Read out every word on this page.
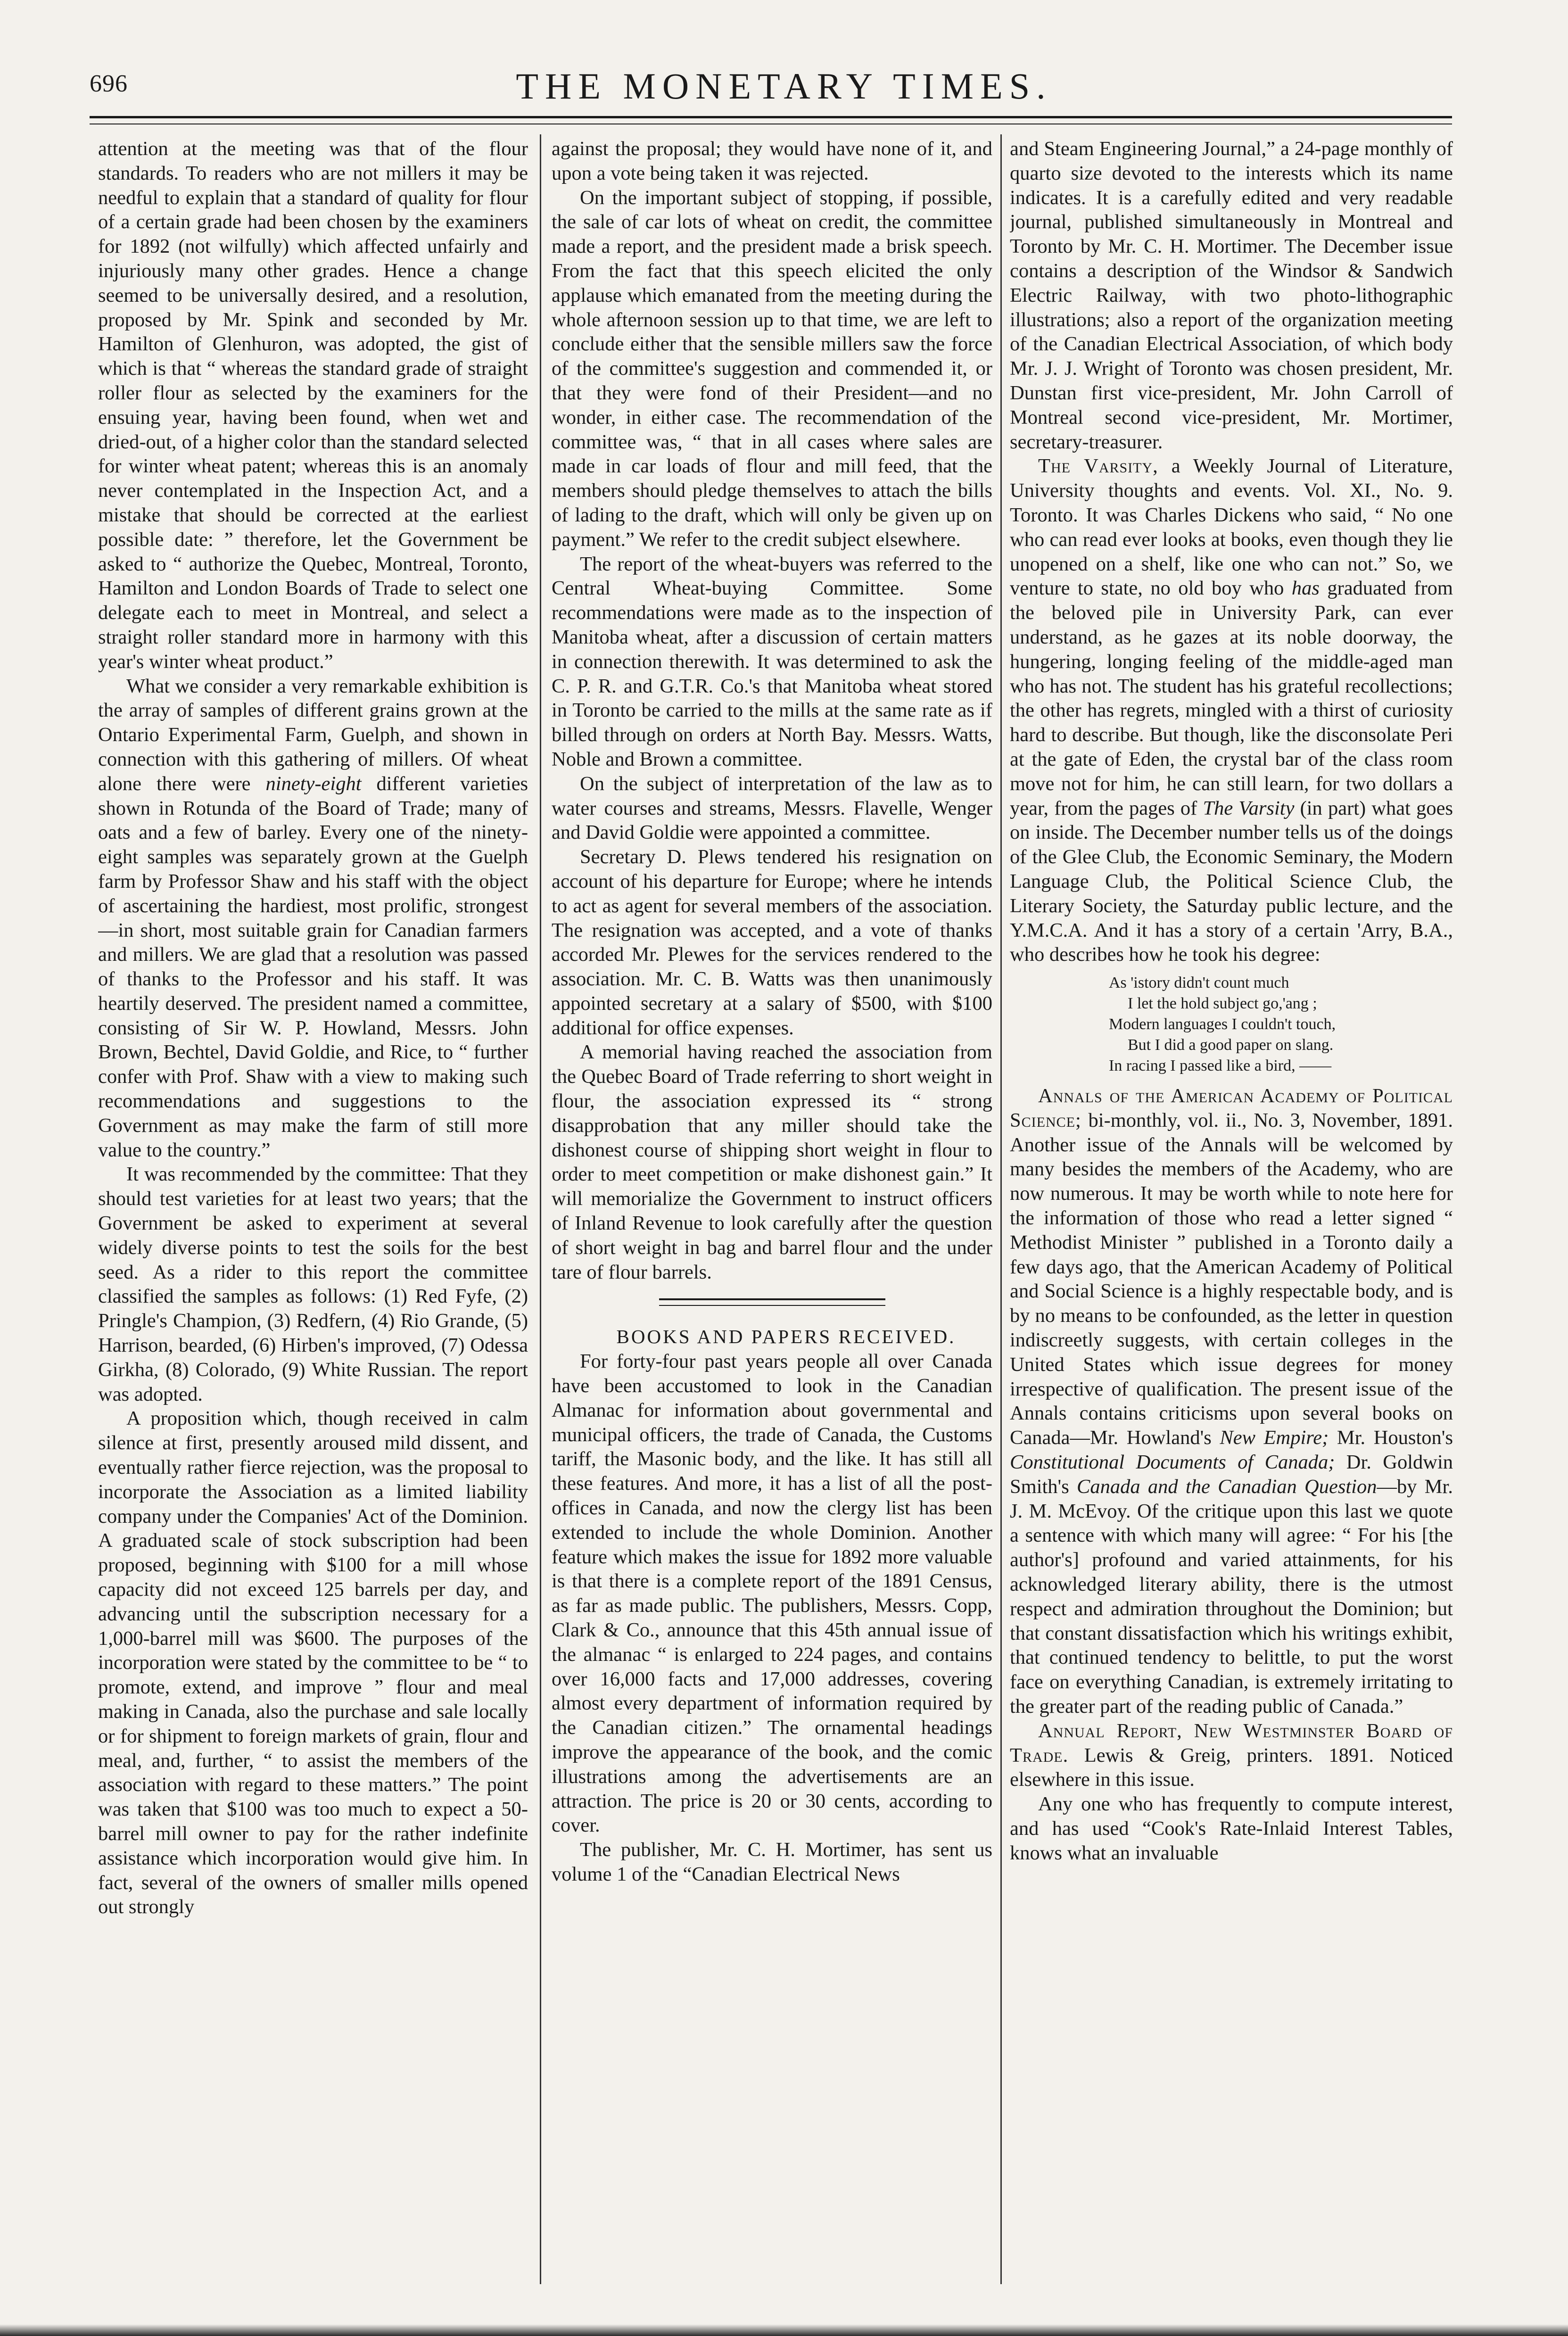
696	THE MONETARY TIMES.

attention at the meeting was that of the flour standards. To readers who are not millers it may be needful to explain that a standard of quality for flour of a certain grade had been chosen by the examiners for 1892 (not wilfully) which affected unfairly and injuriously many other grades. Hence a change seemed to be universally desired, and a resolution, proposed by Mr. Spink and seconded by Mr. Hamilton of Glenhuron, was adopted, the gist of which is that “ whereas the standard grade of straight roller flour as selected by the examiners for the ensuing year, having been found, when wet and dried-out, of a higher color than the standard selected for winter wheat patent; whereas this is an anomaly never contemplated in the Inspection Act, and a mistake that should be corrected at the earliest possible date: ” therefore, let the Government be asked to “ authorize the Quebec, Montreal, Toronto, Hamilton and London Boards of Trade to select one delegate each to meet in Montreal, and select a straight roller standard more in harmony with this year's winter wheat product.”

What we consider a very remarkable exhibition is the array of samples of different grains grown at the Ontario Experimental Farm, Guelph, and shown in connection with this gathering of millers. Of wheat alone there were ninety-eight different varieties shown in Rotunda of the Board of Trade; many of oats and a few of barley. Every one of the ninety-eight samples was separately grown at the Guelph farm by Professor Shaw and his staff with the object of ascertaining the hardiest, most prolific, strongest—in short, most suitable grain for Canadian farmers and millers. We are glad that a resolution was passed of thanks to the Professor and his staff. It was heartily deserved. The president named a committee, consisting of Sir W. P. Howland, Messrs. John Brown, Bechtel, David Goldie, and Rice, to “ further confer with Prof. Shaw with a view to making such recommendations and suggestions to the Government as may make the farm of still more value to the country.”

It was recommended by the committee: That they should test varieties for at least two years; that the Government be asked to experiment at several widely diverse points to test the soils for the best seed. As a rider to this report the committee classified the samples as follows: (1) Red Fyfe, (2) Pringle's Champion, (3) Redfern, (4) Rio Grande, (5) Harrison, bearded, (6) Hirben's improved, (7) Odessa Girkha, (8) Colorado, (9) White Russian. The report was adopted.

A proposition which, though received in calm silence at first, presently aroused mild dissent, and eventually rather fierce rejection, was the proposal to incorporate the Association as a limited liability company under the Companies' Act of the Dominion. A graduated scale of stock subscription had been proposed, beginning with $100 for a mill whose capacity did not exceed 125 barrels per day, and advancing until the subscription necessary for a 1,000-barrel mill was $600. The purposes of the incorporation were stated by the committee to be “ to promote, extend, and improve ” flour and meal making in Canada, also the purchase and sale locally or for shipment to foreign markets of grain, flour and meal, and, further, “ to assist the members of the association with regard to these matters.” The point was taken that $100 was too much to expect a 50-barrel mill owner to pay for the rather indefinite assistance which incorporation would give him. In fact, several of the owners of smaller mills opened out strongly

against the proposal; they would have none of it, and upon a vote being taken it was rejected.

On the important subject of stopping, if possible, the sale of car lots of wheat on credit, the committee made a report, and the president made a brisk speech. From the fact that this speech elicited the only applause which emanated from the meeting during the whole afternoon session up to that time, we are left to conclude either that the sensible millers saw the force of the committee's suggestion and commended it, or that they were fond of their President—and no wonder, in either case. The recommendation of the committee was, “ that in all cases where sales are made in car loads of flour and mill feed, that the members should pledge themselves to attach the bills of lading to the draft, which will only be given up on payment.” We refer to the credit subject elsewhere.

The report of the wheat-buyers was referred to the Central Wheat-buying Committee. Some recommendations were made as to the inspection of Manitoba wheat, after a discussion of certain matters in connection therewith. It was determined to ask the C. P. R. and G.T.R. Co.'s that Manitoba wheat stored in Toronto be carried to the mills at the same rate as if billed through on orders at North Bay. Messrs. Watts, Noble and Brown a committee.

On the subject of interpretation of the law as to water courses and streams, Messrs. Flavelle, Wenger and David Goldie were appointed a committee.

Secretary D. Plews tendered his resignation on account of his departure for Europe; where he intends to act as agent for several members of the association. The resignation was accepted, and a vote of thanks accorded Mr. Plewes for the services rendered to the association. Mr. C. B. Watts was then unanimously appointed secretary at a salary of $500, with $100 additional for office expenses.

A memorial having reached the association from the Quebec Board of Trade referring to short weight in flour, the association expressed its “ strong disapprobation that any miller should take the dishonest course of shipping short weight in flour to order to meet competition or make dishonest gain.” It will memorialize the Government to instruct officers of Inland Revenue to look carefully after the question of short weight in bag and barrel flour and the under tare of flour barrels.

BOOKS AND PAPERS RECEIVED.

For forty-four past years people all over Canada have been accustomed to look in the Canadian Almanac for information about governmental and municipal officers, the trade of Canada, the Customs tariff, the Masonic body, and the like. It has still all these features. And more, it has a list of all the post-offices in Canada, and now the clergy list has been extended to include the whole Dominion. Another feature which makes the issue for 1892 more valuable is that there is a complete report of the 1891 Census, as far as made public. The publishers, Messrs. Copp, Clark & Co., announce that this 45th annual issue of the almanac “ is enlarged to 224 pages, and contains over 16,000 facts and 17,000 addresses, covering almost every department of information required by the Canadian citizen.” The ornamental headings improve the appearance of the book, and the comic illustrations among the advertisements are an attraction. The price is 20 or 30 cents, according to cover.

The publisher, Mr. C. H. Mortimer, has sent us volume 1 of the “Canadian Electrical News

and Steam Engineering Journal,” a 24-page monthly of quarto size devoted to the interests which its name indicates. It is a carefully edited and very readable journal, published simultaneously in Montreal and Toronto by Mr. C. H. Mortimer. The December issue contains a description of the Windsor & Sandwich Electric Railway, with two photo-lithographic illustrations; also a report of the organization meeting of the Canadian Electrical Association, of which body Mr. J. J. Wright of Toronto was chosen president, Mr. Dunstan first vice-president, Mr. John Carroll of Montreal second vice-president, Mr. Mortimer, secretary-treasurer.

The Varsity, a Weekly Journal of Literature, University thoughts and events. Vol. XI., No. 9. Toronto. It was Charles Dickens who said, “ No one who can read ever looks at books, even though they lie unopened on a shelf, like one who can not.” So, we venture to state, no old boy who has graduated from the beloved pile in University Park, can ever understand, as he gazes at its noble doorway, the hungering, longing feeling of the middle-aged man who has not. The student has his grateful recollections; the other has regrets, mingled with a thirst of curiosity hard to describe. But though, like the disconsolate Peri at the gate of Eden, the crystal bar of the class room move not for him, he can still learn, for two dollars a year, from the pages of The Varsity (in part) what goes on inside. The December number tells us of the doings of the Glee Club, the Economic Seminary, the Modern Language Club, the Political Science Club, the Literary Society, the Saturday public lecture, and the Y.M.C.A. And it has a story of a certain 'Arry, B.A., who describes how he took his degree:

As 'istory didn't count much
I let the hold subject go,'ang ;
Modern languages I couldn't touch,
But I did a good paper on slang.
In racing I passed like a bird, ——

Annals of the American Academy of Political Science; bi-monthly, vol. ii., No. 3, November, 1891. Another issue of the Annals will be welcomed by many besides the members of the Academy, who are now numerous. It may be worth while to note here for the information of those who read a letter signed “ Methodist Minister ” published in a Toronto daily a few days ago, that the American Academy of Political and Social Science is a highly respectable body, and is by no means to be confounded, as the letter in question indiscreetly suggests, with certain colleges in the United States which issue degrees for money irrespective of qualification. The present issue of the Annals contains criticisms upon several books on Canada—Mr. Howland's New Empire; Mr. Houston's Constitutional Documents of Canada; Dr. Goldwin Smith's Canada and the Canadian Question—by Mr. J. M. McEvoy. Of the critique upon this last we quote a sentence with which many will agree: “ For his [the author's] profound and varied attainments, for his acknowledged literary ability, there is the utmost respect and admiration throughout the Dominion; but that constant dissatisfaction which his writings exhibit, that continued tendency to belittle, to put the worst face on everything Canadian, is extremely irritating to the greater part of the reading public of Canada.”

Annual Report, New Westminster Board of Trade. Lewis & Greig, printers. 1891. Noticed elsewhere in this issue.

Any one who has frequently to compute interest, and has used “Cook's Rate-Inlaid Interest Tables, knows what an invaluable
